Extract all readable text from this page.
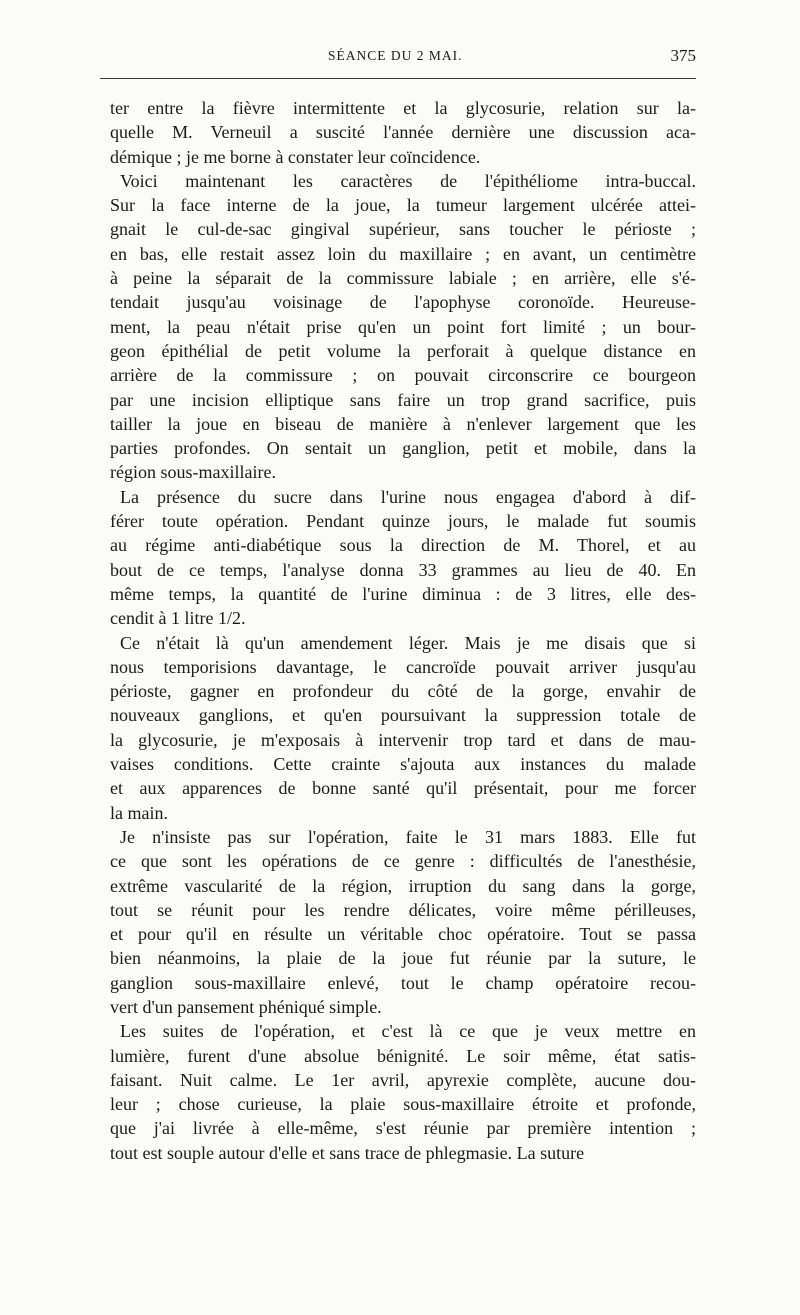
SÉANCE DU 2 MAI.	375

ter entre la fièvre intermittente et la glycosurie, relation sur la-
quelle M. Verneuil a suscité l'année dernière une discussion aca-
démique ; je me borne à constater leur coïncidence.

Voici maintenant les caractères de l'épithéliome intra-buccal.
Sur la face interne de la joue, la tumeur largement ulcérée attei-
gnait le cul-de-sac gingival supérieur, sans toucher le périoste ;
en bas, elle restait assez loin du maxillaire ; en avant, un centimètre
à peine la séparait de la commissure labiale ; en arrière, elle s'é-
tendait jusqu'au voisinage de l'apophyse coronoïde. Heureuse-
ment, la peau n'était prise qu'en un point fort limité ; un bour-
geon épithélial de petit volume la perforait à quelque distance en
arrière de la commissure ; on pouvait circonscrire ce bourgeon
par une incision elliptique sans faire un trop grand sacrifice, puis
tailler la joue en biseau de manière à n'enlever largement que les
parties profondes. On sentait un ganglion, petit et mobile, dans la
région sous-maxillaire.

La présence du sucre dans l'urine nous engagea d'abord à dif-
férer toute opération. Pendant quinze jours, le malade fut soumis
au régime anti-diabétique sous la direction de M. Thorel, et au
bout de ce temps, l'analyse donna 33 grammes au lieu de 40. En
même temps, la quantité de l'urine diminua : de 3 litres, elle des-
cendit à 1 litre 1/2.

Ce n'était là qu'un amendement léger. Mais je me disais que si
nous temporisions davantage, le cancroïde pouvait arriver jusqu'au
périoste, gagner en profondeur du côté de la gorge, envahir de
nouveaux ganglions, et qu'en poursuivant la suppression totale de
la glycosurie, je m'exposais à intervenir trop tard et dans de mau-
vaises conditions. Cette crainte s'ajouta aux instances du malade
et aux apparences de bonne santé qu'il présentait, pour me forcer
la main.

Je n'insiste pas sur l'opération, faite le 31 mars 1883. Elle fut
ce que sont les opérations de ce genre : difficultés de l'anesthésie,
extrême vascularité de la région, irruption du sang dans la gorge,
tout se réunit pour les rendre délicates, voire même périlleuses,
et pour qu'il en résulte un véritable choc opératoire. Tout se passa
bien néanmoins, la plaie de la joue fut réunie par la suture, le
ganglion sous-maxillaire enlevé, tout le champ opératoire recou-
vert d'un pansement phéniqué simple.

Les suites de l'opération, et c'est là ce que je veux mettre en
lumière, furent d'une absolue bénignité. Le soir même, état satis-
faisant. Nuit calme. Le 1er avril, apyrexie complète, aucune dou-
leur ; chose curieuse, la plaie sous-maxillaire étroite et profonde,
que j'ai livrée à elle-même, s'est réunie par première intention ;
tout est souple autour d'elle et sans trace de phlegmasie. La suture
